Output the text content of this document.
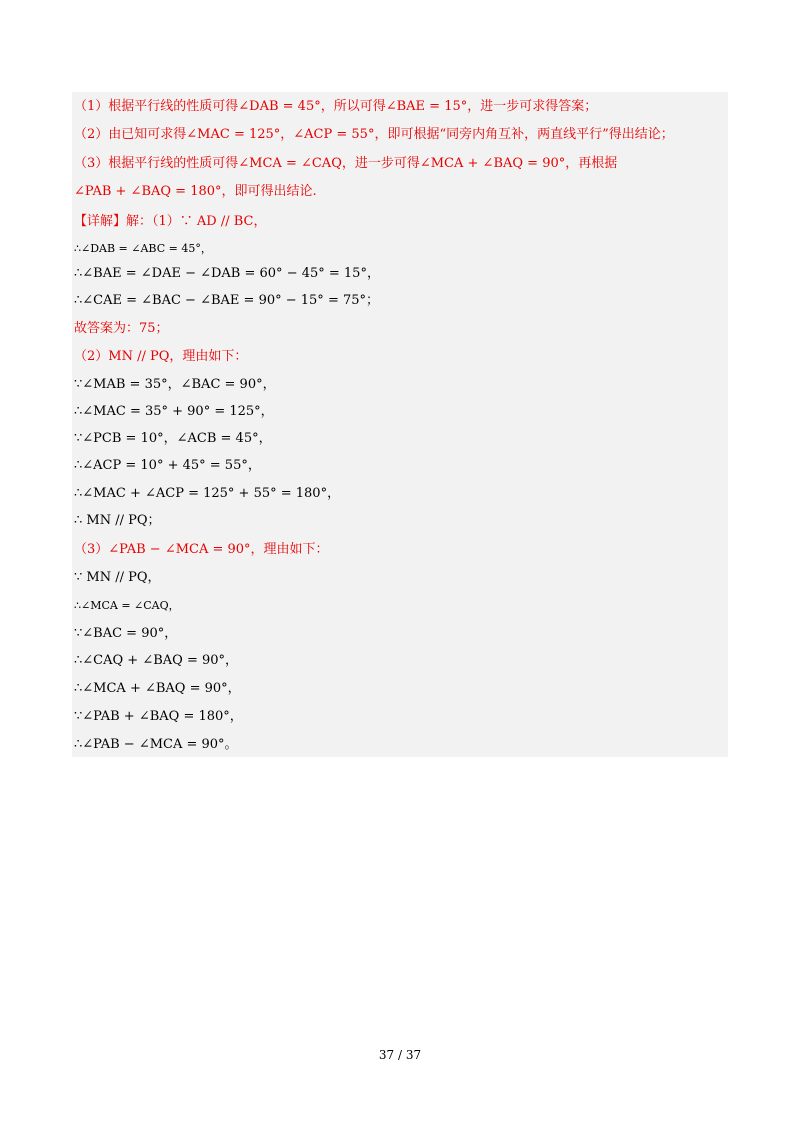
（1）根据平行线的性质可得∠DAB = 45°，所以可得∠BAE = 15°，进一步可求得答案；
（2）由已知可求得∠MAC = 125°，∠ACP = 55°，即可根据“同旁内角互补，两直线平行”得出结论；
（3）根据平行线的性质可得∠MCA = ∠CAQ，进一步可得∠MCA + ∠BAQ = 90°，再根据
∠PAB + ∠BAQ = 180°，即可得出结论.
【详解】解：（1）∵ AD // BC，
∴∠DAB = ∠ABC = 45°，
∴∠BAE = ∠DAE − ∠DAB = 60° − 45° = 15°，
∴∠CAE = ∠BAC − ∠BAE = 90° − 15° = 75°；
故答案为：75；
（2）MN // PQ，理由如下：
∵∠MAB = 35°，∠BAC = 90°，
∴∠MAC = 35° + 90° = 125°，
∵∠PCB = 10°，∠ACB = 45°，
∴∠ACP = 10° + 45° = 55°，
∴∠MAC + ∠ACP = 125° + 55° = 180°，
∴ MN // PQ；
（3）∠PAB − ∠MCA = 90°，理由如下：
∵ MN // PQ，
∴∠MCA = ∠CAQ，
∵∠BAC = 90°，
∴∠CAQ + ∠BAQ = 90°，
∴∠MCA + ∠BAQ = 90°，
∵∠PAB + ∠BAQ = 180°，
∴∠PAB − ∠MCA = 90°。
37 / 37
